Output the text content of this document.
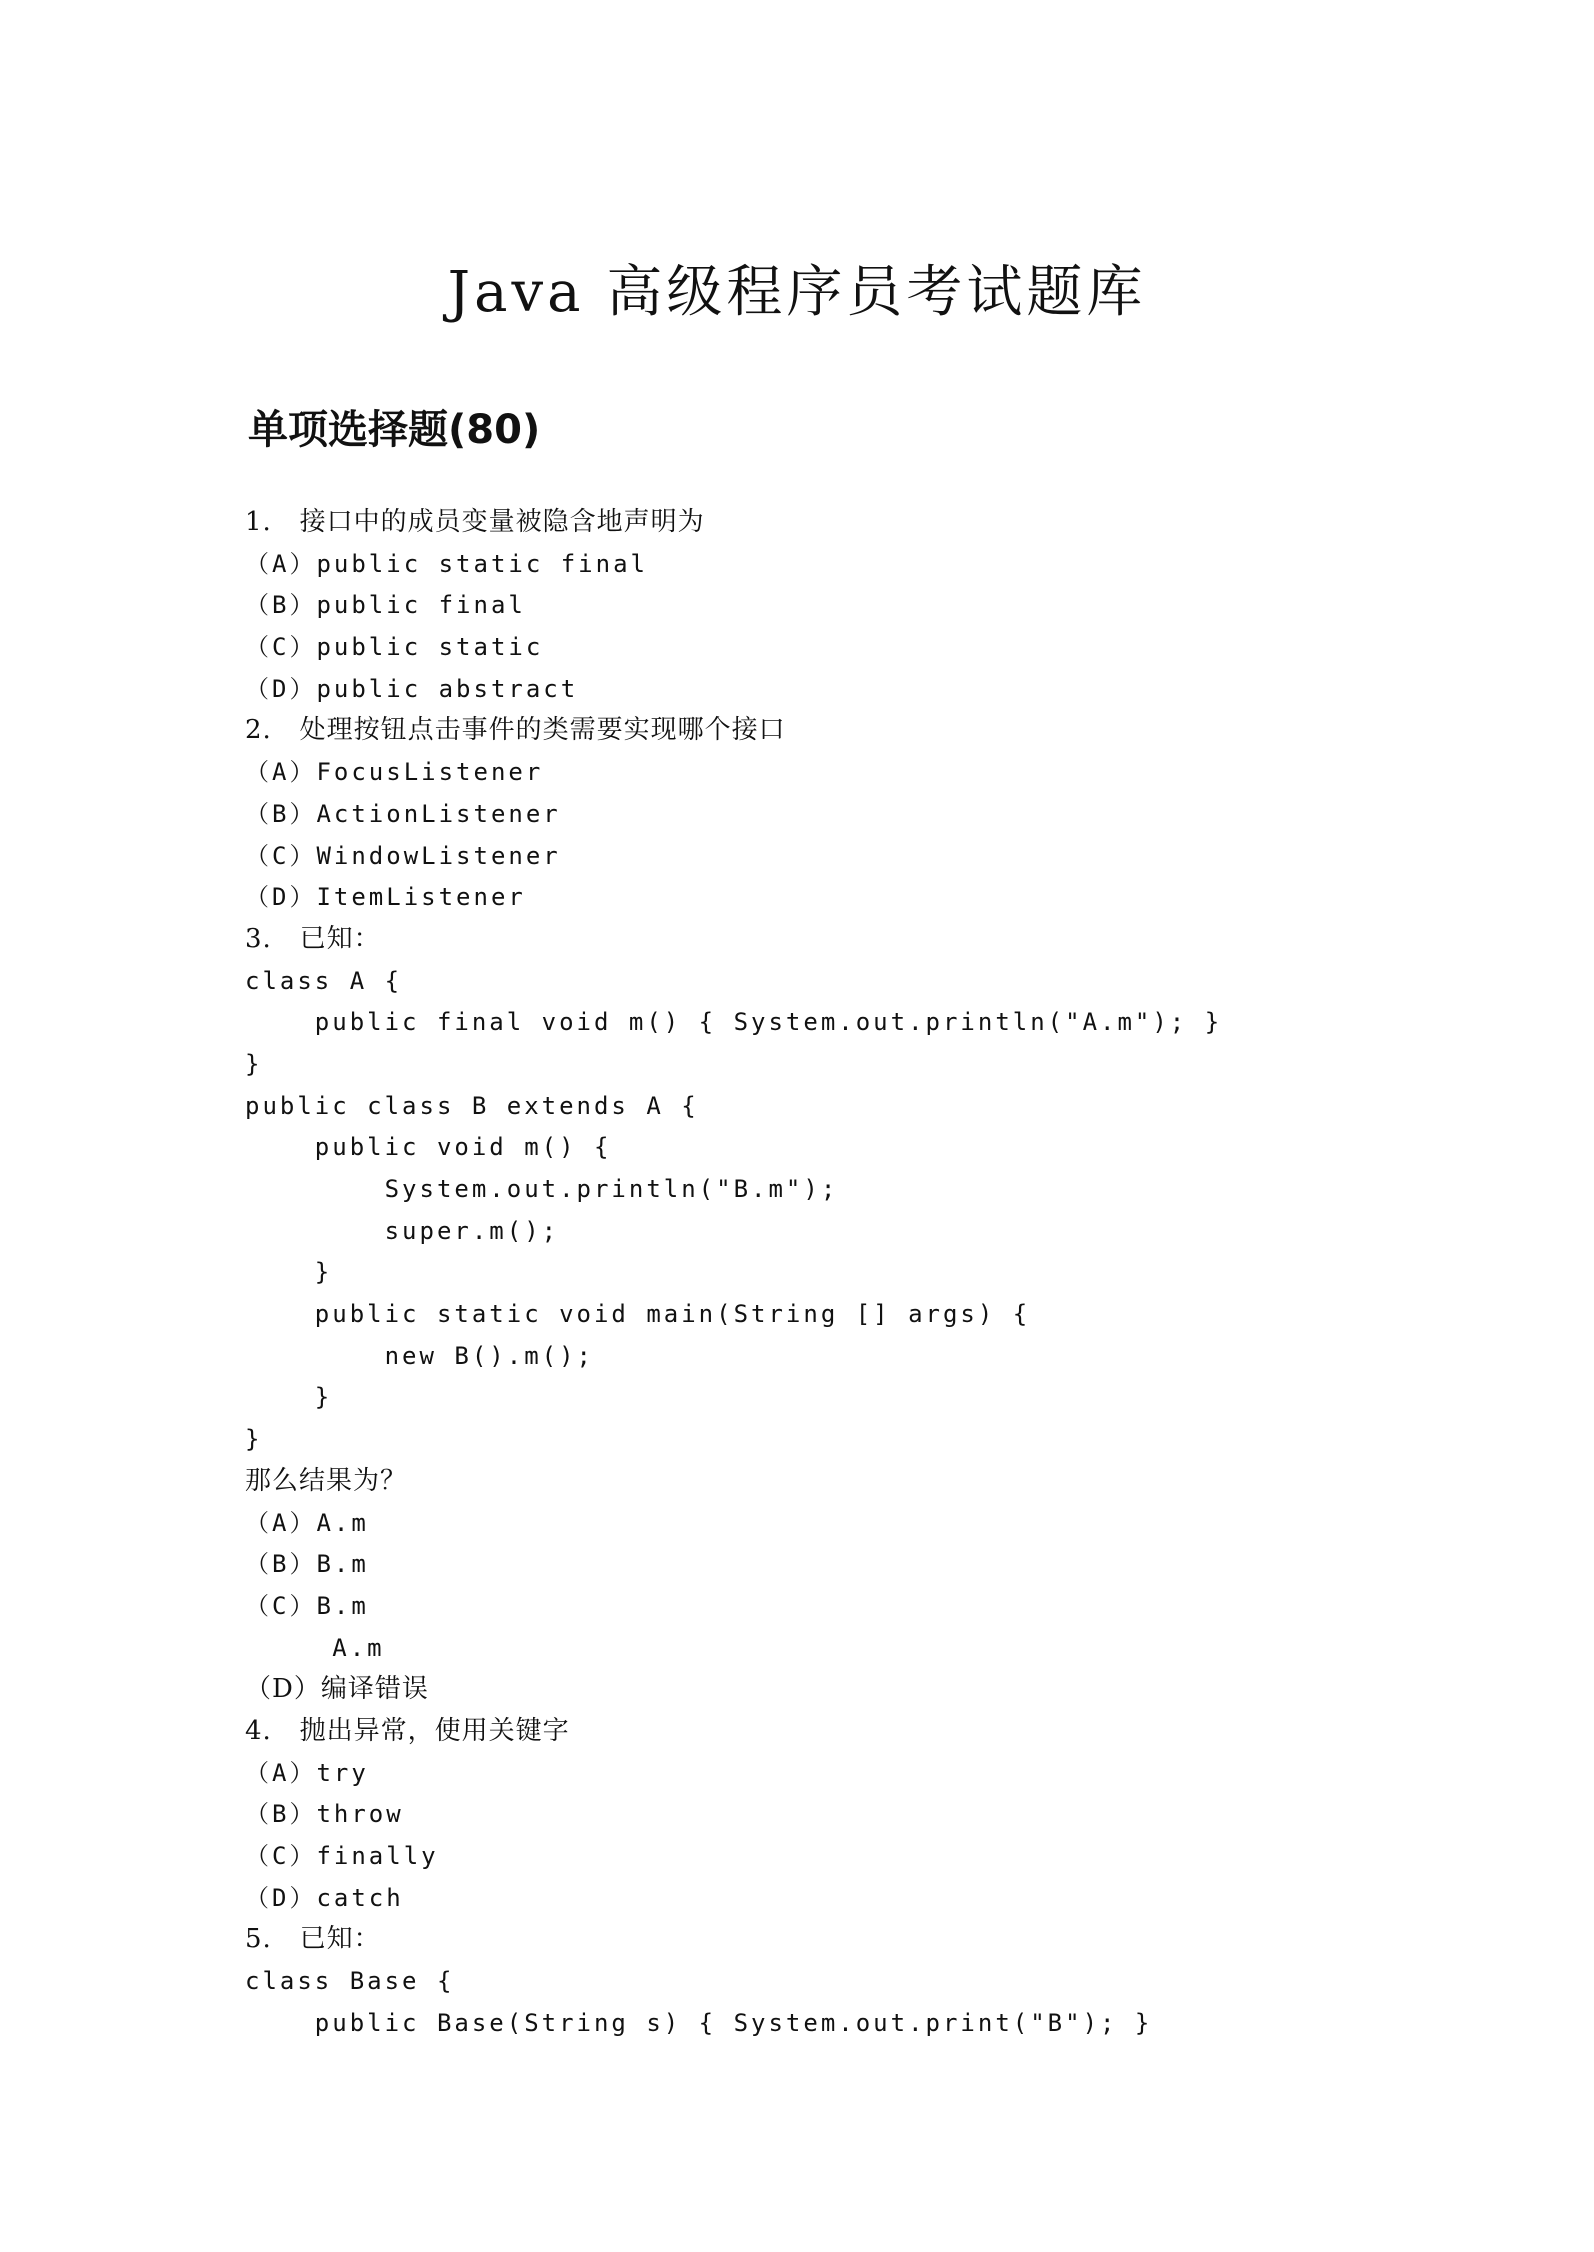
Java 高级程序员考试题库
单项选择题(80)
1.   接口中的成员变量被隐含地声明为
（A）public static final
（B）public final
（C）public static
（D）public abstract
2.   处理按钮点击事件的类需要实现哪个接口
（A）FocusListener
（B）ActionListener
（C）WindowListener
（D）ItemListener
3.   已知：
class A {
public final void m() { System.out.println("A.m"); }
}
public class B extends A {
public void m() {
System.out.println("B.m");
super.m();
}
public static void main(String [] args) {
new B().m();
}
}
那么结果为？
（A）A.m
（B）B.m
（C）B.m
A.m
（D）编译错误
4.   抛出异常，使用关键字
（A）try
（B）throw
（C）finally
（D）catch
5.   已知：
class Base {
public Base(String s) { System.out.print("B"); }
